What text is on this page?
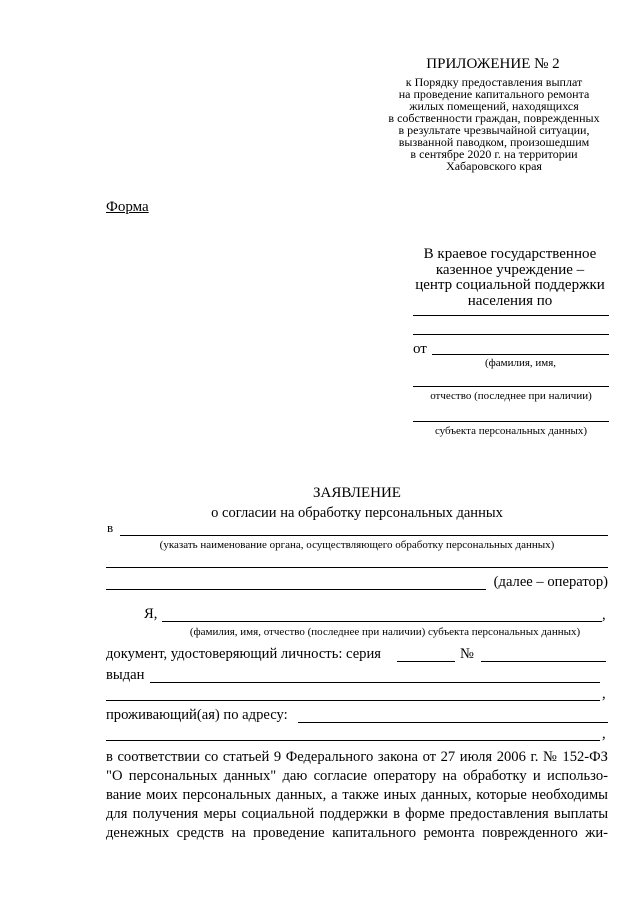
ПРИЛОЖЕНИЕ № 2
к Порядку предоставления выплат
на проведение капитального ремонта
жилых помещений, находящихся
в собственности граждан, поврежденных
в результате чрезвычайной ситуации,
вызванной паводком, произошедшим
в сентябре 2020 г. на территории
Хабаровского края
Форма
В краевое государственное
казенное учреждение –
центр социальной поддержки
населения по
от
(фамилия, имя,
отчество (последнее при наличии)
субъекта персональных данных)
ЗАЯВЛЕНИЕ
о согласии на обработку персональных данных
в
(указать наименование органа, осуществляющего обработку персональных данных)
(далее – оператор)
Я,	,
(фамилия, имя, отчество (последнее при наличии) субъекта персональных данных)
документ, удостоверяющий личность: серия	№
выдан
,
проживающий(ая) по адресу:
,
в соответствии со статьей 9 Федерального закона от 27 июля 2006 г. № 152-ФЗ
"О персональных данных" даю согласие оператору на обработку и использо-
вание моих персональных данных, а также иных данных, которые необходимы
для получения меры социальной поддержки в форме предоставления выплаты
денежных средств на проведение капитального ремонта поврежденного жи-
